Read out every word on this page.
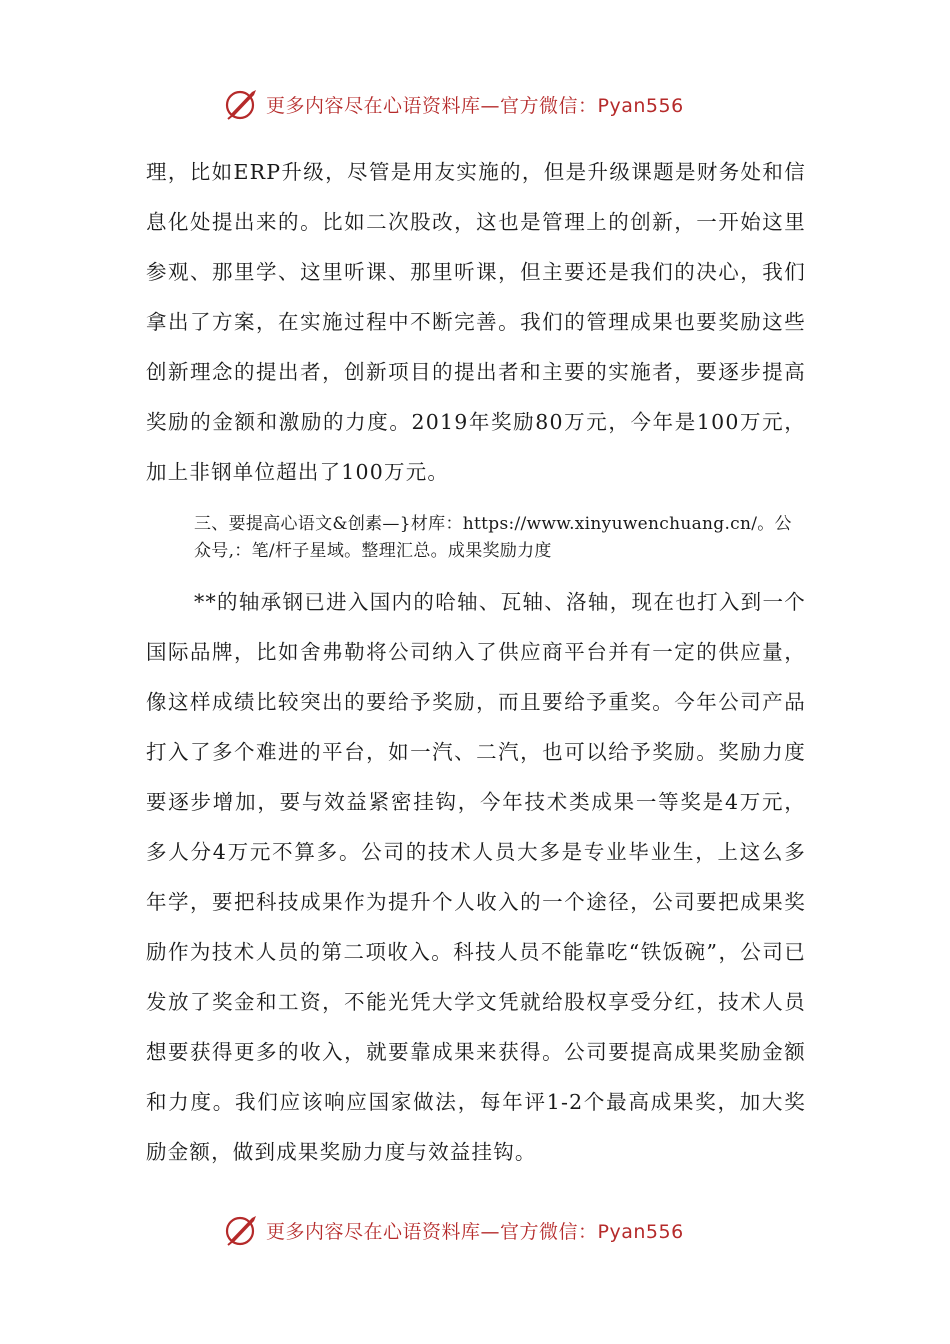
更多内容尽在心语资料库—官方微信：Pyan556

理，比如ERP升级，尽管是用友实施的，但是升级课题是财务处和信息化处提出来的。比如二次股改，这也是管理上的创新，一开始这里参观、那里学、这里听课、那里听课，但主要还是我们的决心，我们拿出了方案，在实施过程中不断完善。我们的管理成果也要奖励这些创新理念的提出者，创新项目的提出者和主要的实施者，要逐步提高奖励的金额和激励的力度。2019年奖励80万元，今年是100万元，加上非钢单位超出了100万元。

三、要提高心语文&创素—}材库：https://www.xinyuwenchuang.cn/。公众号,：笔/杆子星域。整理汇总。成果奖励力度

**的轴承钢已进入国内的哈轴、瓦轴、洛轴，现在也打入到一个国际品牌，比如舍弗勒将公司纳入了供应商平台并有一定的供应量，像这样成绩比较突出的要给予奖励，而且要给予重奖。今年公司产品打入了多个难进的平台，如一汽、二汽，也可以给予奖励。奖励力度要逐步增加，要与效益紧密挂钩，今年技术类成果一等奖是4万元，多人分4万元不算多。公司的技术人员大多是专业毕业生，上这么多年学，要把科技成果作为提升个人收入的一个途径，公司要把成果奖励作为技术人员的第二项收入。科技人员不能靠吃“铁饭碗”，公司已发放了奖金和工资，不能光凭大学文凭就给股权享受分红，技术人员想要获得更多的收入，就要靠成果来获得。公司要提高成果奖励金额和力度。我们应该响应国家做法，每年评1-2个最高成果奖，加大奖励金额，做到成果奖励力度与效益挂钩。

更多内容尽在心语资料库—官方微信：Pyan556
